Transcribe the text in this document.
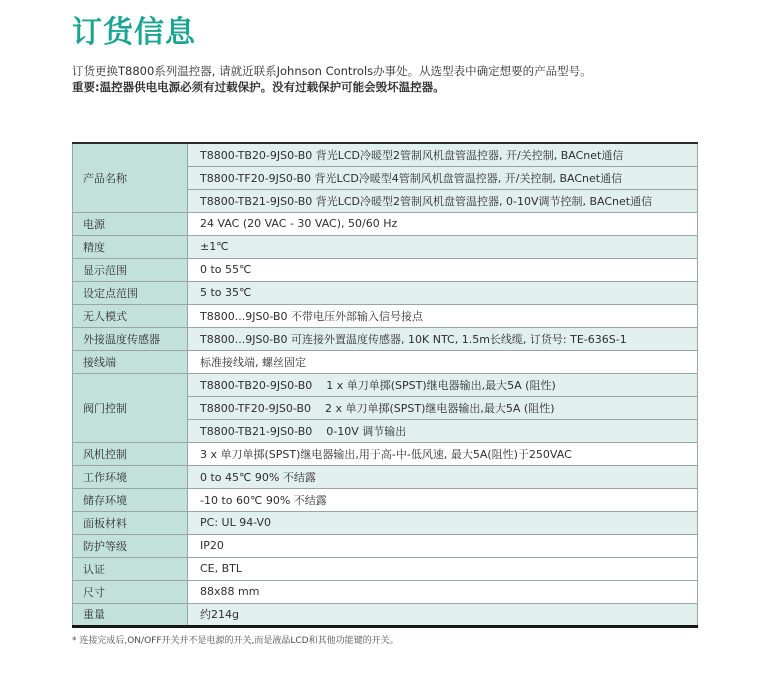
订货信息

订货更换T8800系列温控器, 请就近联系Johnson Controls办事处。从选型表中确定想要的产品型号。

重要:温控器供电电源必须有过载保护。没有过载保护可能会毁坏温控器。

产品名称	T8800-TB20-9JS0-B0 背光LCD冷暖型2管制风机盘管温控器, 开/关控制, BACnet通信
	T8800-TF20-9JS0-B0 背光LCD冷暖型4管制风机盘管温控器, 开/关控制, BACnet通信
	T8800-TB21-9JS0-B0 背光LCD冷暖型2管制风机盘管温控器, 0-10V调节控制, BACnet通信
电源	24 VAC (20 VAC - 30 VAC), 50/60 Hz
精度	±1℃
显示范围	0 to 55℃
设定点范围	5 to 35℃
无人模式	T8800...9JS0-B0 不带电压外部输入信号接点
外接温度传感器	T8800...9JS0-B0 可连接外置温度传感器, 10K NTC, 1.5m长线缆, 订货号: TE-636S-1
接线端	标准接线端, 螺丝固定
阀门控制	T8800-TB20-9JS0-B0    1 x 单刀单掷(SPST)继电器输出,最大5A (阻性)
	T8800-TF20-9JS0-B0    2 x 单刀单掷(SPST)继电器输出,最大5A (阻性)
	T8800-TB21-9JS0-B0    0-10V 调节输出
风机控制	3 x 单刀单掷(SPST)继电器输出,用于高-中-低风速, 最大5A(阻性)于250VAC
工作环境	0 to 45℃ 90% 不结露
储存环境	-10 to 60℃ 90% 不结露
面板材料	PC: UL 94-V0
防护等级	IP20
认证	CE, BTL
尺寸	88x88 mm
重量	约214g
* 连接完成后,ON/OFF开关并不是电源的开关,而是液晶LCD和其他功能键的开关。
